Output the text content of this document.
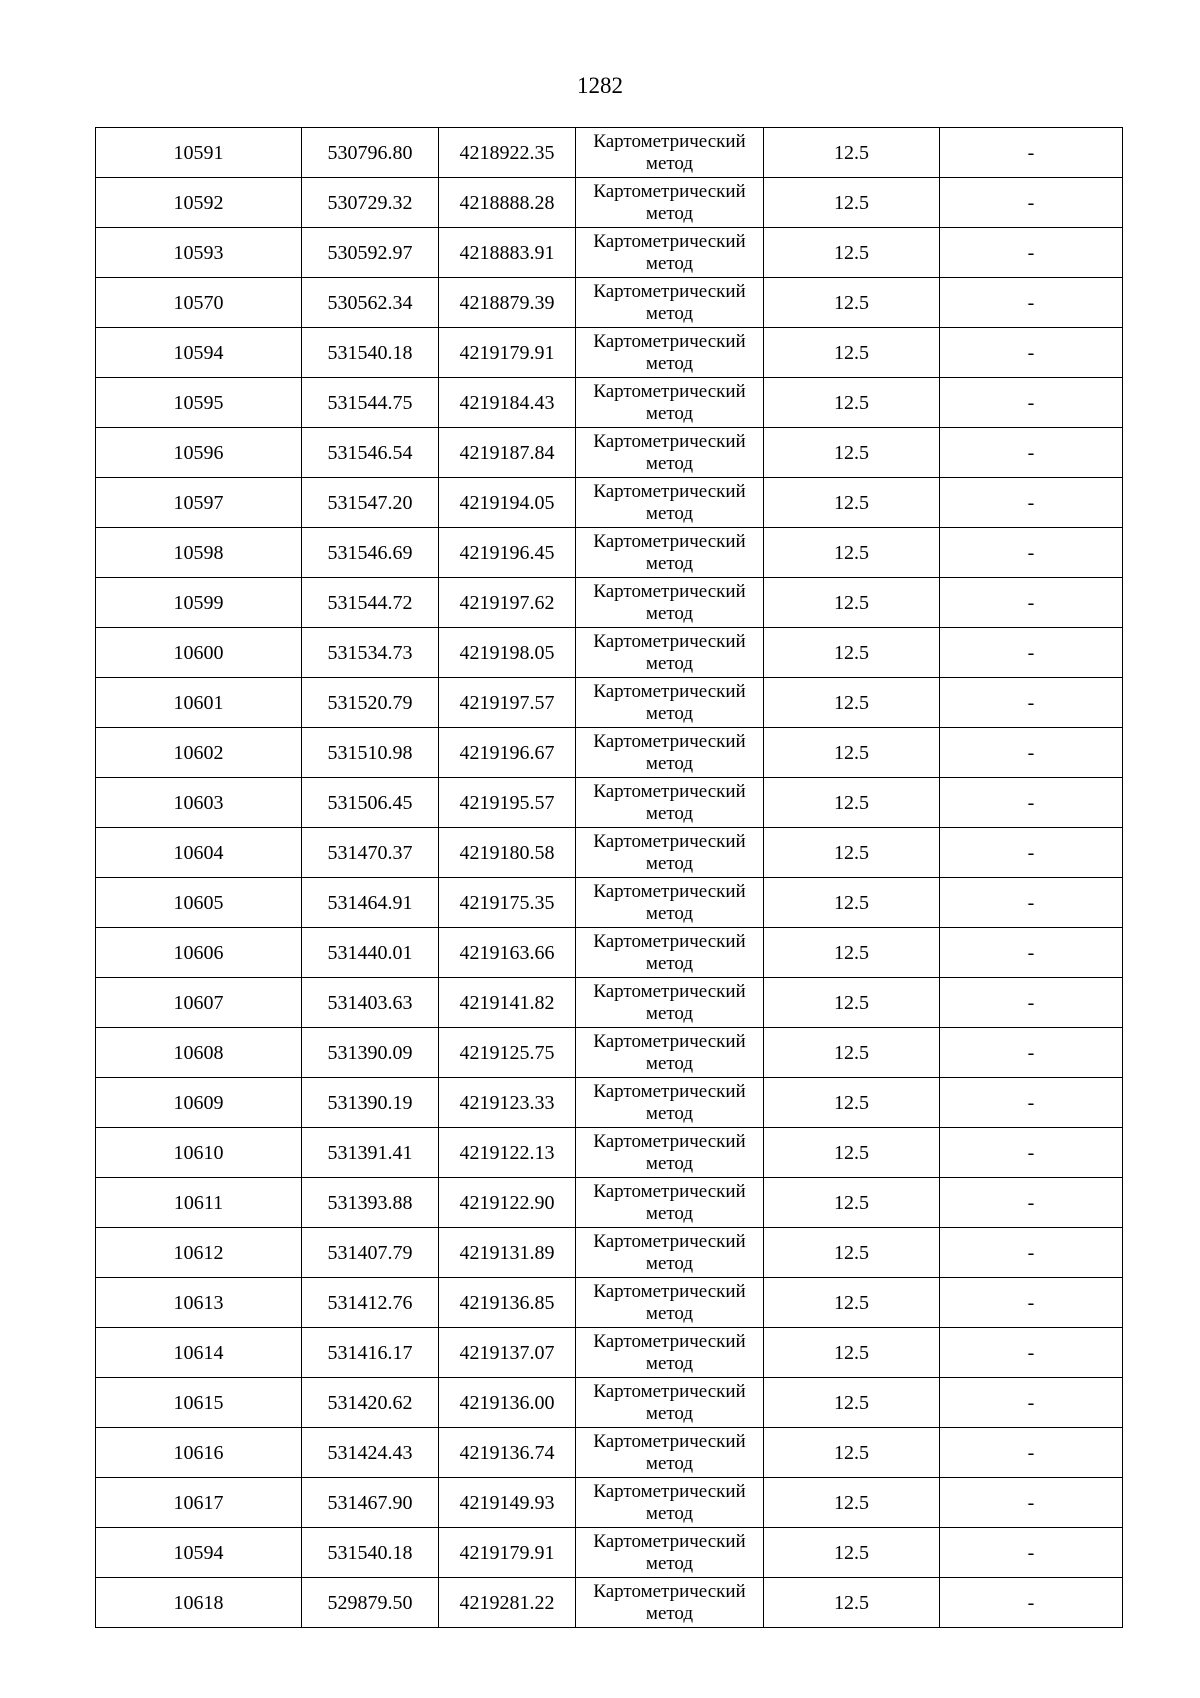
1282
10591	530796.80	4218922.35	Картометрический
метод	12.5	-
10592	530729.32	4218888.28	Картометрический
метод	12.5	-
10593	530592.97	4218883.91	Картометрический
метод	12.5	-
10570	530562.34	4218879.39	Картометрический
метод	12.5	-
10594	531540.18	4219179.91	Картометрический
метод	12.5	-
10595	531544.75	4219184.43	Картометрический
метод	12.5	-
10596	531546.54	4219187.84	Картометрический
метод	12.5	-
10597	531547.20	4219194.05	Картометрический
метод	12.5	-
10598	531546.69	4219196.45	Картометрический
метод	12.5	-
10599	531544.72	4219197.62	Картометрический
метод	12.5	-
10600	531534.73	4219198.05	Картометрический
метод	12.5	-
10601	531520.79	4219197.57	Картометрический
метод	12.5	-
10602	531510.98	4219196.67	Картометрический
метод	12.5	-
10603	531506.45	4219195.57	Картометрический
метод	12.5	-
10604	531470.37	4219180.58	Картометрический
метод	12.5	-
10605	531464.91	4219175.35	Картометрический
метод	12.5	-
10606	531440.01	4219163.66	Картометрический
метод	12.5	-
10607	531403.63	4219141.82	Картометрический
метод	12.5	-
10608	531390.09	4219125.75	Картометрический
метод	12.5	-
10609	531390.19	4219123.33	Картометрический
метод	12.5	-
10610	531391.41	4219122.13	Картометрический
метод	12.5	-
10611	531393.88	4219122.90	Картометрический
метод	12.5	-
10612	531407.79	4219131.89	Картометрический
метод	12.5	-
10613	531412.76	4219136.85	Картометрический
метод	12.5	-
10614	531416.17	4219137.07	Картометрический
метод	12.5	-
10615	531420.62	4219136.00	Картометрический
метод	12.5	-
10616	531424.43	4219136.74	Картометрический
метод	12.5	-
10617	531467.90	4219149.93	Картометрический
метод	12.5	-
10594	531540.18	4219179.91	Картометрический
метод	12.5	-
10618	529879.50	4219281.22	Картометрический
метод	12.5	-
